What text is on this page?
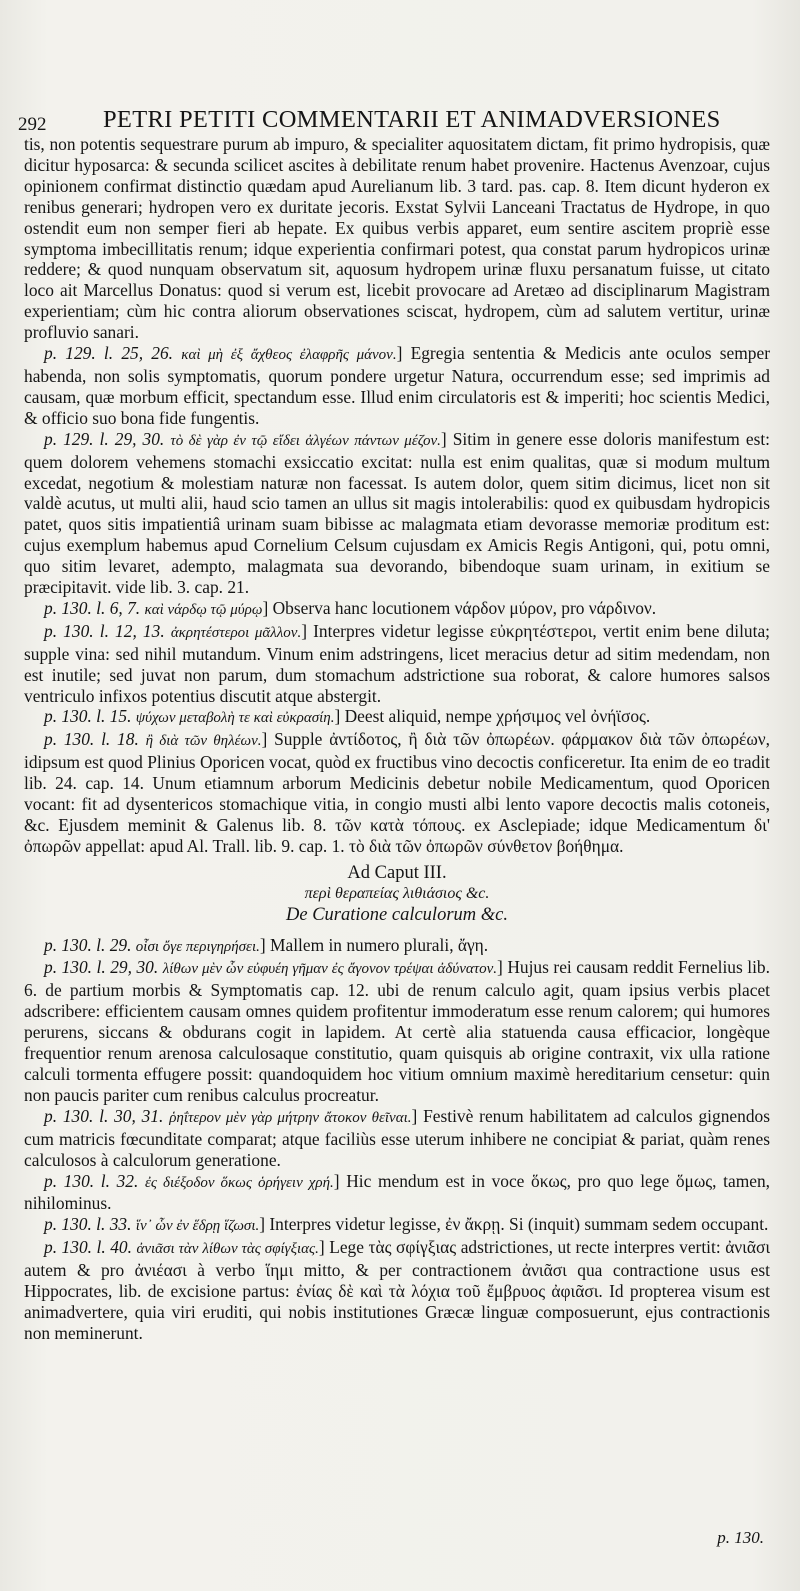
292 PETRI PETITI COMMENTARII ET ANIMADVERSIONES

tis, non potentis sequestrare purum ab impuro, & specialiter aquositatem dictam, fit primo hydropisis, quæ dicitur hyposarca: & secunda scilicet ascites à debilitate renum habet provenire. Hactenus Avenzoar, cujus opinionem confirmat distinctio quædam apud Aurelianum lib. 3 tard. pas. cap. 8. Item dicunt hyderon ex renibus generari; hydropen vero ex duritate jecoris. Exstat Sylvii Lanceani Tractatus de Hydrope, in quo ostendit eum non semper fieri ab hepate. Ex quibus verbis apparet, eum sentire ascitem propriè esse symptoma imbecillitatis renum; idque experientia confirmari potest, qua constat parum hydropicos urinæ reddere; & quod nunquam observatum sit, aquosum hydropem urinæ fluxu persanatum fuisse, ut citato loco ait Marcellus Donatus: quod si verum est, licebit provocare ad Aretæo ad disciplinarum Magistram experientiam; cùm hic contra aliorum observationes sciscat, hydropem, cùm ad salutem vertitur, urinæ profluvio sanari.

p. 129. l. 25, 26. καὶ μὴ ἐξ ἄχθεος ἐλαφρῆς μάνον.] Egregia sententia & Medicis ante oculos semper habenda, non solis symptomatis, quorum pondere urgetur Natura, occurrendum esse; sed imprimis ad causam, quæ morbum efficit, spectandum esse. Illud enim circulatoris est & imperiti; hoc scientis Medici, & officio suo bona fide fungentis.

p. 129. l. 29, 30. τὸ δὲ γὰρ ἐν τῷ εἴδει ἀλγέων πάντων μέζον.] Sitim in genere esse doloris manifestum est: quem dolorem vehemens stomachi exsiccatio excitat: nulla est enim qualitas, quæ si modum multum excedat, negotium & molestiam naturæ non facessat. Is autem dolor, quem sitim dicimus, licet non sit valdè acutus, ut multi alii, haud scio tamen an ullus sit magis intolerabilis: quod ex quibusdam hydropicis patet, quos sitis impatientiâ urinam suam bibisse ac malagmata etiam devorasse memoriæ proditum est: cujus exemplum habemus apud Cornelium Celsum cujusdam ex Amicis Regis Antigoni, qui, potu omni, quo sitim levaret, adempto, malagmata sua devorando, bibendoque suam urinam, in exitium se præcipitavit. vide lib. 3. cap. 21.

p. 130. l. 6, 7. καὶ νάρδῳ τῷ μύρῳ] Observa hanc locutionem νάρδον μύρον, pro νάρδινον.

p. 130. l. 12, 13. ἀκρητέστεροι μᾶλλον.] Interpres videtur legisse εὐκρητέστεροι, vertit enim bene diluta; supple vina: sed nihil mutandum. Vinum enim adstringens, licet meracius detur ad sitim medendam, non est inutile; sed juvat non parum, dum stomachum adstrictione sua roborat, & calore humores salsos ventriculo infixos potentius discutit atque abstergit.

p. 130. l. 15. ψύχων μεταβολὴ τε καὶ εὐκρασίη.] Deest aliquid, nempe χρήσιμος vel ὀνήϊσος.

p. 130. l. 18. ἢ διὰ τῶν θηλέων.] Supple ἀντίδοτος, ἢ διὰ τῶν ὀπωρέων. φάρμακον διὰ τῶν ὀπωρέων, idipsum est quod Plinius Oporicen vocat, quòd ex fructibus vino decoctis conficeretur. Ita enim de eo tradit lib. 24. cap. 14. Unum etiamnum arborum Medicinis debetur nobile Medicamentum, quod Oporicen vocant: fit ad dysentericos stomachique vitia, in congio musti albi lento vapore decoctis malis cotoneis, &c. Ejusdem meminit & Galenus lib. 8. τῶν κατὰ τόπους. ex Asclepiade; idque Medicamentum δι' ὀπωρῶν appellat: apud Al. Trall. lib. 9. cap. 1. τὸ διὰ τῶν ὀπωρῶν σύνθετον βοήθημα.

Ad Caput III.
περὶ θεραπείας λιθιάσιος &c.
De Curatione calculorum &c.

p. 130. l. 29. οἷσι ὄγε περιγηρήσει.] Mallem in numero plurali, ἄγη.

p. 130. l. 29, 30. λίθων μὲν ὧν εὐφυέη γῆμαν ἐς ἄγονον τρέψαι ἀδύνατον.] Hujus rei causam reddit Fernelius lib. 6. de partium morbis & Symptomatis cap. 12. ubi de renum calculo agit, quam ipsius verbis placet adscribere: efficientem causam omnes quidem profitentur immoderatum esse renum calorem; qui humores perurens, siccans & obdurans cogit in lapidem. At certè alia statuenda causa efficacior, longèque frequentior renum arenosa calculosaque constitutio, quam quisquis ab origine contraxit, vix ulla ratione calculi tormenta effugere possit: quandoquidem hoc vitium omnium maximè hereditarium censetur: quin non paucis pariter cum renibus calculus procreatur.

p. 130. l. 30, 31. ῥηΐτερον μὲν γὰρ μήτρην ἄτοκον θεῖναι.] Festivè renum habilitatem ad calculos gignendos cum matricis fœcunditate comparat; atque faciliùs esse uterum inhibere ne concipiat & pariat, quàm renes calculosos à calculorum generatione.

p. 130. l. 32. ἐς διέξοδον ὅκως ὁρήγειν χρή.] Hic mendum est in voce ὅκως, pro quo lege ὅμως, tamen, nihilominus.

p. 130. l. 33. ἵν᾽ ὧν ἐν ἕδρῃ ἵζωσι.] Interpres videtur legisse, ἐν ἄκρῃ. Si (inquit) summam sedem occupant.

p. 130. l. 40. ἀνιᾶσι τὰν λίθων τὰς σφίγξιας.] Lege τὰς σφίγξιας adstrictiones, ut recte interpres vertit: ἀνιᾶσι autem & pro ἀνιέασι à verbo ἵημι mitto, & per contractionem ἀνιᾶσι qua contractione usus est Hippocrates, lib. de excisione partus: ἐνίας δὲ καὶ τὰ λόχια τοῦ ἔμβρυος ἀφιᾶσι. Id propterea visum est animadvertere, quia viri eruditi, qui nobis institutiones Græcæ linguæ composuerunt, ejus contractionis non meminerunt.

p. 130.
